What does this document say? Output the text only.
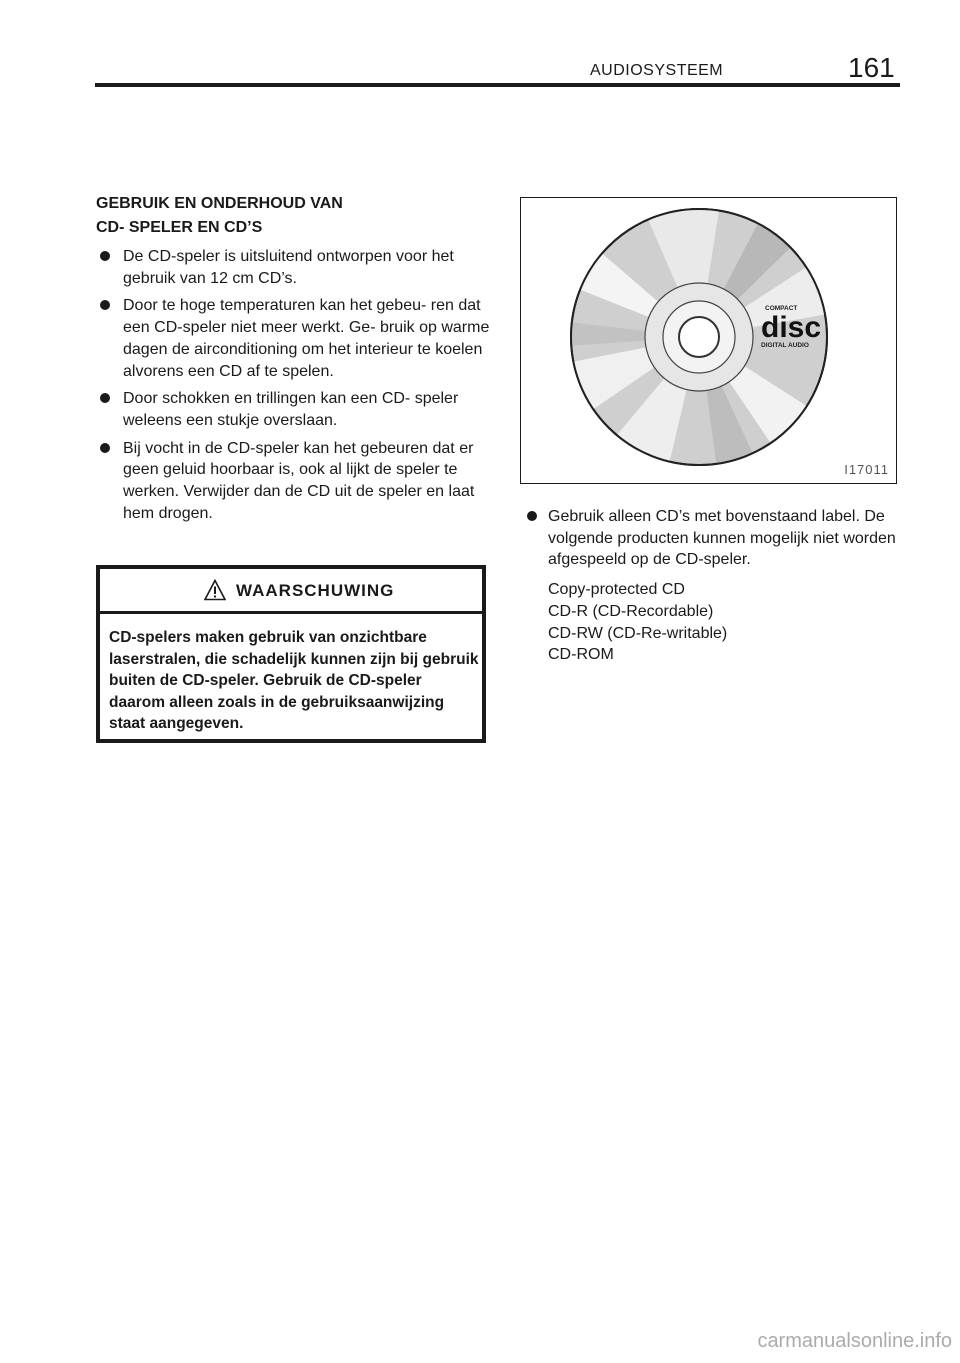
AUDIOSYSTEEM	161

GEBRUIK EN ONDERHOUD VAN
CD- SPELER EN CD’S

De CD‑speler is uitsluitend ontworpen voor het gebruik van 12 cm CD’s.
Door te hoge temperaturen kan het gebeu‑ ren dat een CD‑speler niet meer werkt. Ge‑ bruik op warme dagen de airconditioning om het interieur te koelen alvorens een CD af te spelen.
Door schokken en trillingen kan een CD‑ speler weleens een stukje overslaan.
Bij vocht in de CD‑speler kan het gebeuren dat er geen geluid hoorbaar is, ook al lijkt de speler te werken. Verwijder dan de CD uit de speler en laat hem drogen.
WAARSCHUWING
CD‑spelers maken gebruik van onzichtbare laserstralen, die schadelijk kunnen zijn bij gebruik buiten de CD‑speler. Gebruik de CD‑speler daarom alleen zoals in de gebruiksaanwijzing staat aangegeven.
COMPACT
disc
DIGITAL AUDIO
I17011
Gebruik alleen CD’s met bovenstaand label. De volgende producten kunnen mogelijk niet worden afgespeeld op de CD‑speler.
Copy‑protected CD
CD‑R (CD‑Recordable)
CD‑RW (CD‑Re‑writable)
CD‑ROM
carmanualsonline.info
